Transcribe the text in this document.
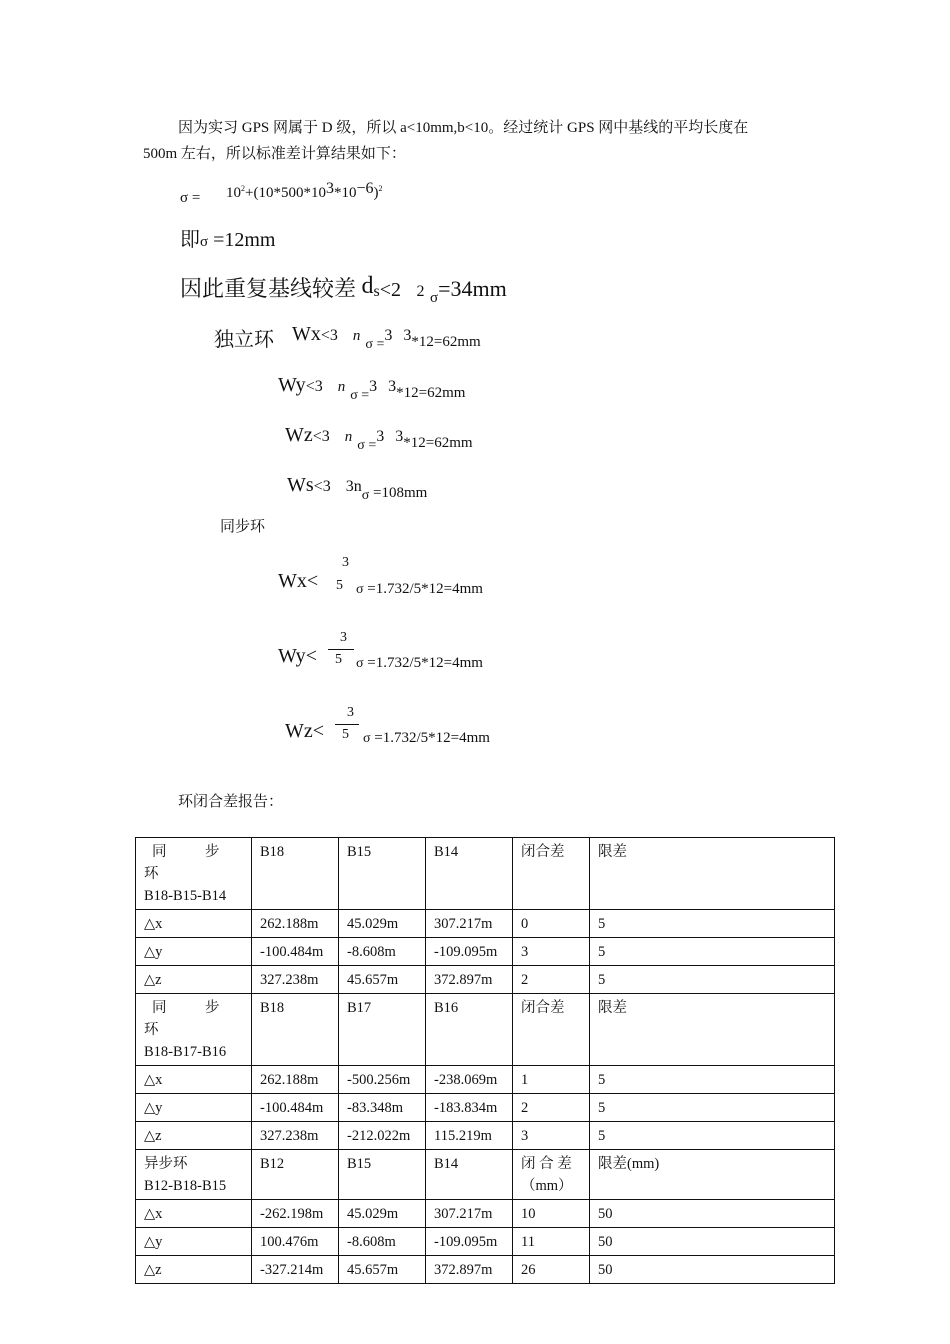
因为实习 GPS 网属于 D 级，所以 a<10mm,b<10。经过统计 GPS 网中基线的平均长度在
500m 左右，所以标准差计算结果如下：
$\sigma = 10^2+(10*500*10^3*10^{-6})^2$
即σ =12mm
因此重复基线较差 ds<2 2 $_\sigma$=34mm
独立环 Wx<3 n $_{\sigma =}$3 $3_{*12=62mm}$
Wy<3 n $_{\sigma =}$3 $3_{*12=62mm}$
Wz<3 n $_{\sigma =}$3 $3_{*12=62mm}$
Ws<3 $3n_\sigma$ $_{=108mm}$
同步环
3
Wx< 5 σ =1.732/5*12=4mm
3
Wy< 5 σ =1.732/5*12=4mm
3
Wz< 5 σ =1.732/5*12=4mm
环闭合差报告：
同　步　环
B18-B15-B14	B18	B15	B14	闭合差	限差
△x	262.188m	45.029m	307.217m	0	5
△y	-100.484m	-8.608m	-109.095m	3	5
△z	327.238m	45.657m	372.897m	2	5
同　步　环
B18-B17-B16	B18	B17	B16	闭合差	限差
△x	262.188m	-500.256m	-238.069m	1	5
△y	-100.484m	-83.348m	-183.834m	2	5
△z	327.238m	-212.022m	115.219m	3	5
异步环
B12-B18-B15	B12	B15	B14	闭 合 差
（mm）	限差(mm)
△x	-262.198m	45.029m	307.217m	10	50
△y	100.476m	-8.608m	-109.095m	11	50
△z	-327.214m	45.657m	372.897m	26	50
